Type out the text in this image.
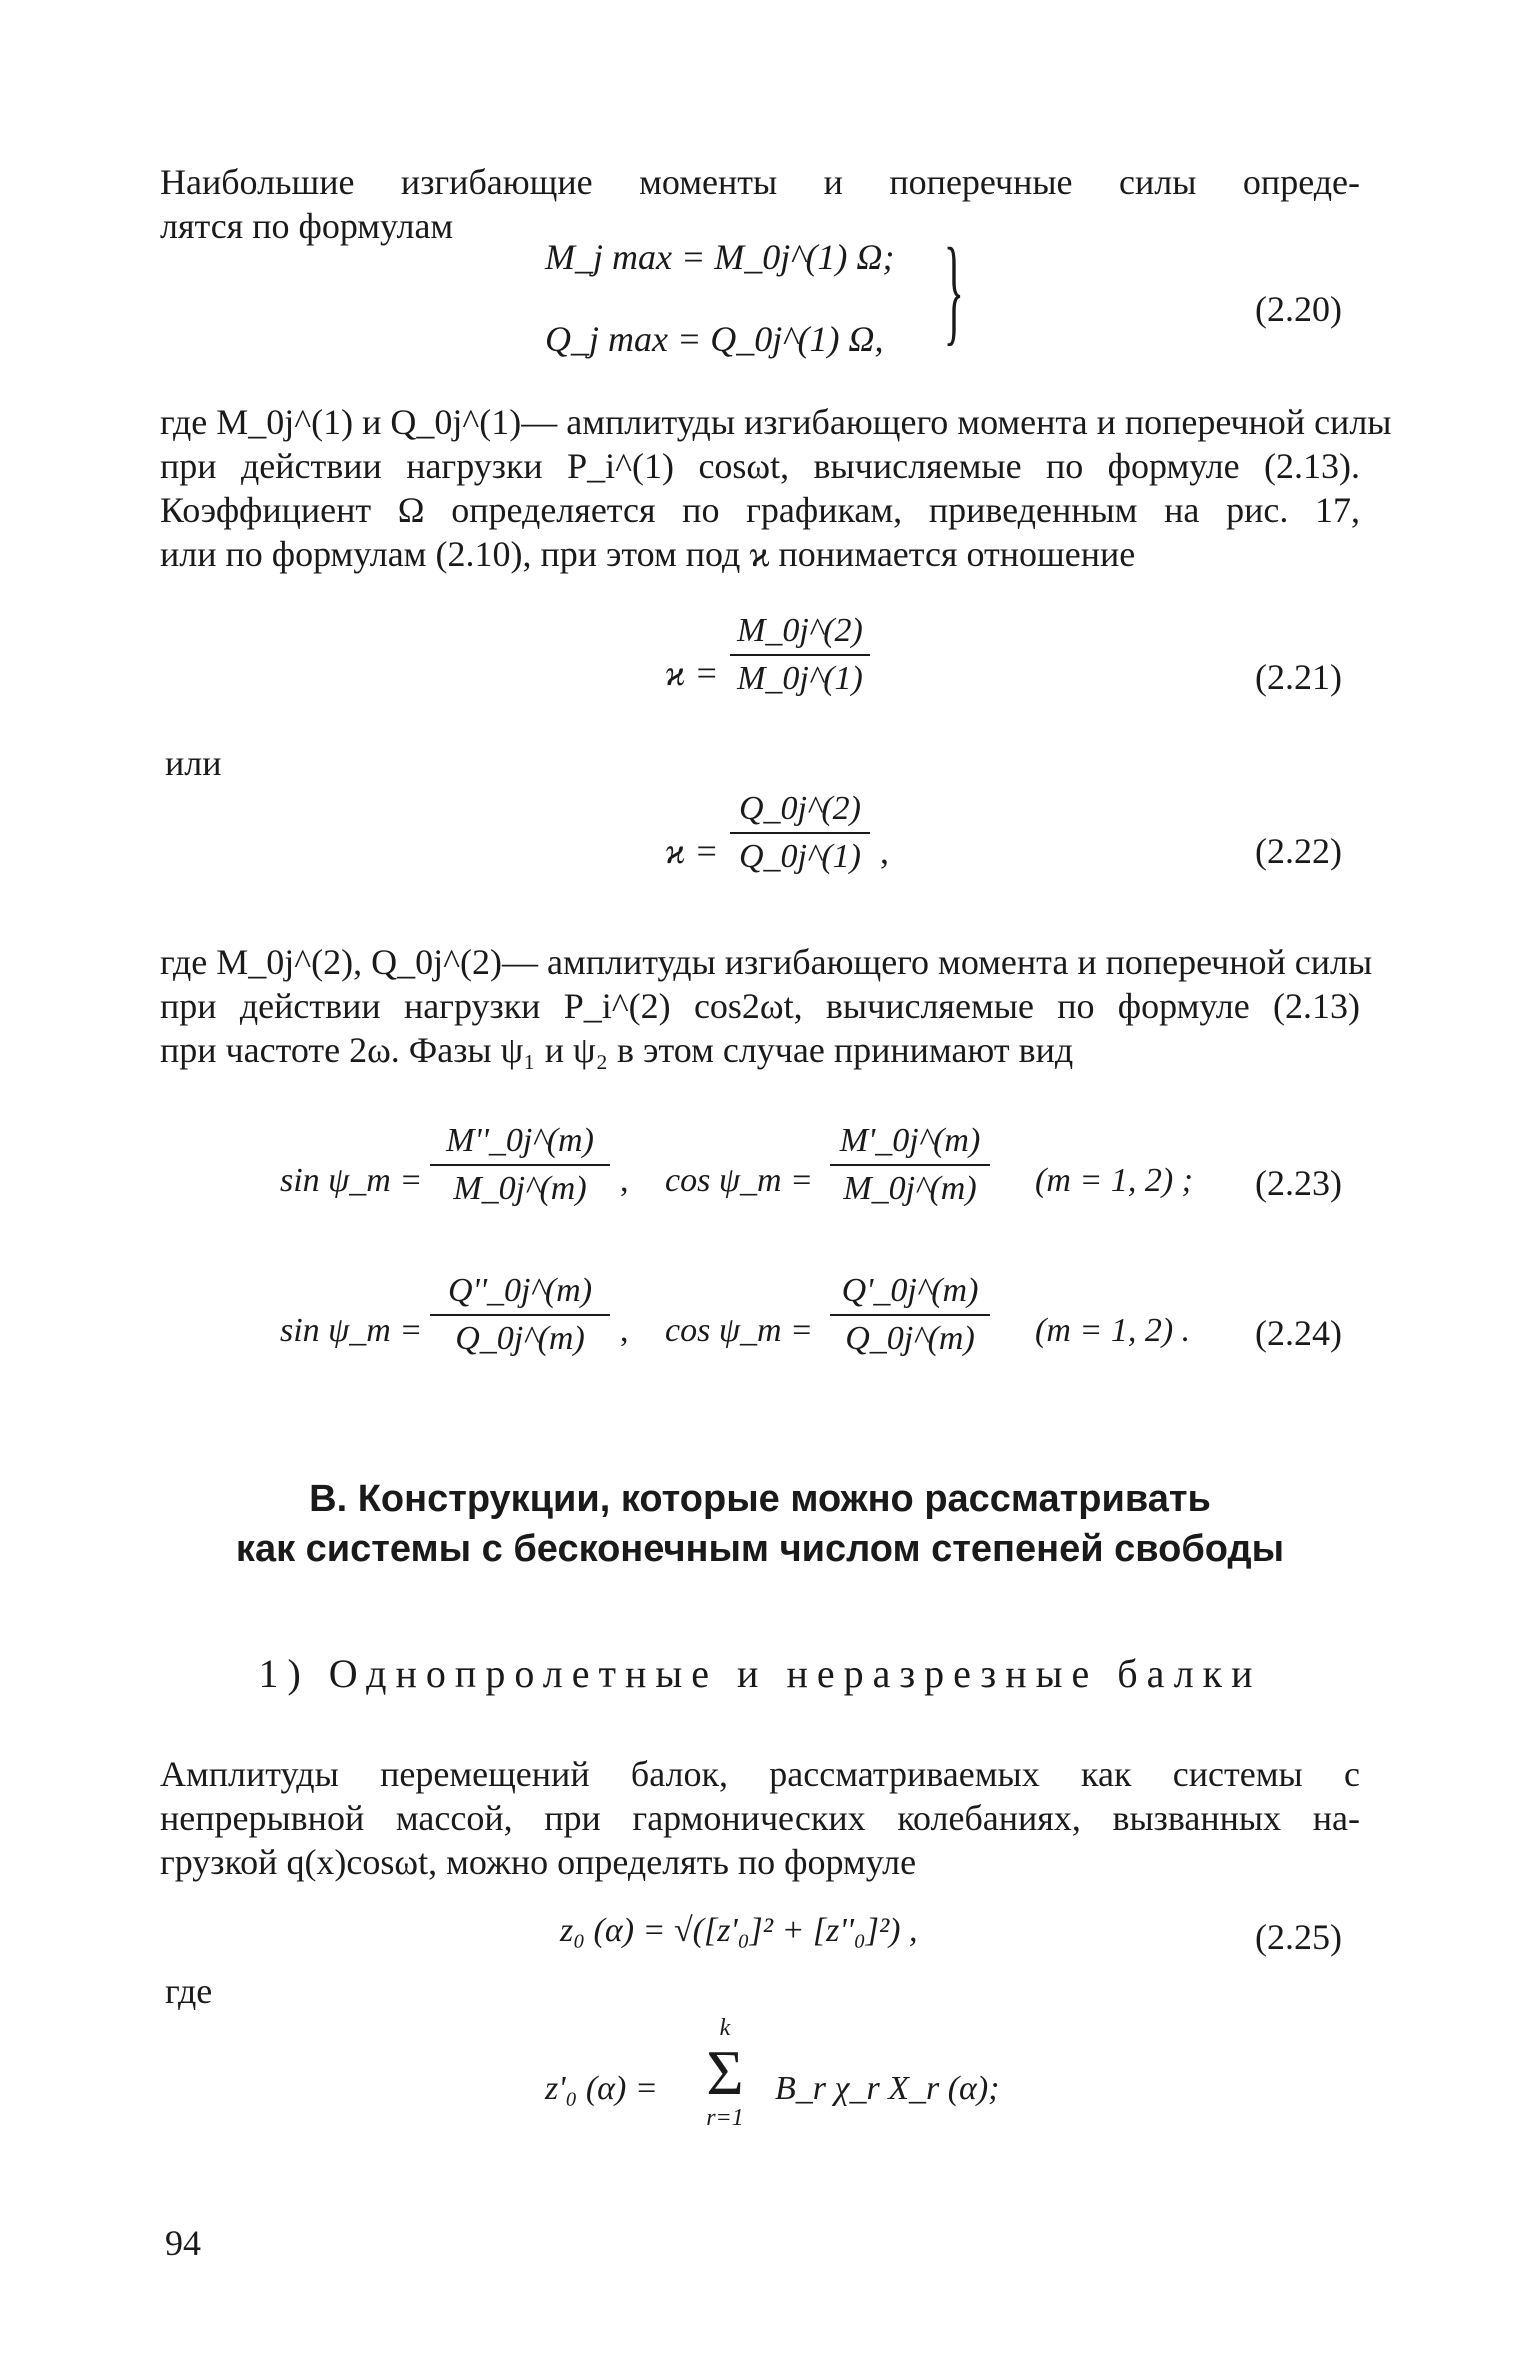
Наибольшие изгибающие моменты и поперечные силы опреде-
лятся по формулам
M_j max = M_0j^(1) Ω;
Q_j max = Q_0j^(1) Ω, }	(2.20)
где M_0j^(1) и Q_0j^(1)— амплитуды изгибающего момента и поперечной силы
при действии нагрузки P_i^(1) cosωt, вычисляемые по формуле (2.13).
Коэффициент Ω определяется по графикам, приведенным на рис. 17,
или по формулам (2.10), при этом под ϰ понимается отношение
ϰ =
M_0j^(2)
M_0j^(1)	(2.21)
или
ϰ =
Q_0j^(2)
Q_0j^(1) ,	(2.22)
где M_0j^(2), Q_0j^(2)— амплитуды изгибающего момента и поперечной силы
при действии нагрузки P_i^(2) cos2ωt, вычисляемые по формуле (2.13)
при частоте 2ω. Фазы ψ₁ и ψ₂ в этом случае принимают вид
sin ψ_m =
M''_0j^(m)
M_0j^(m) , cos ψ_m =
M'_0j^(m)
M_0j^(m)	(m = 1, 2) ; (2.23)
sin ψ_m =
Q''_0j^(m)
Q_0j^(m)	, cos ψ_m =
Q'_0j^(m)
Q_0j^(m)	(m = 1, 2) . (2.24)
В. Конструкции, которые можно рассматривать
как системы с бесконечным числом степеней свободы
1) Однопролетные и неразрезные балки
Амплитуды перемещений балок, рассматриваемых как системы с
непрерывной массой, при гармонических колебаниях, вызванных на-
грузкой q(x)cosωt, можно определять по формуле
z₀ (α) = √([z'₀]² + [z''₀]²) ,	(2.25)
где
z'₀ (α) =
k
Σ
r=1
B_r χ_r X_r (α);
94
